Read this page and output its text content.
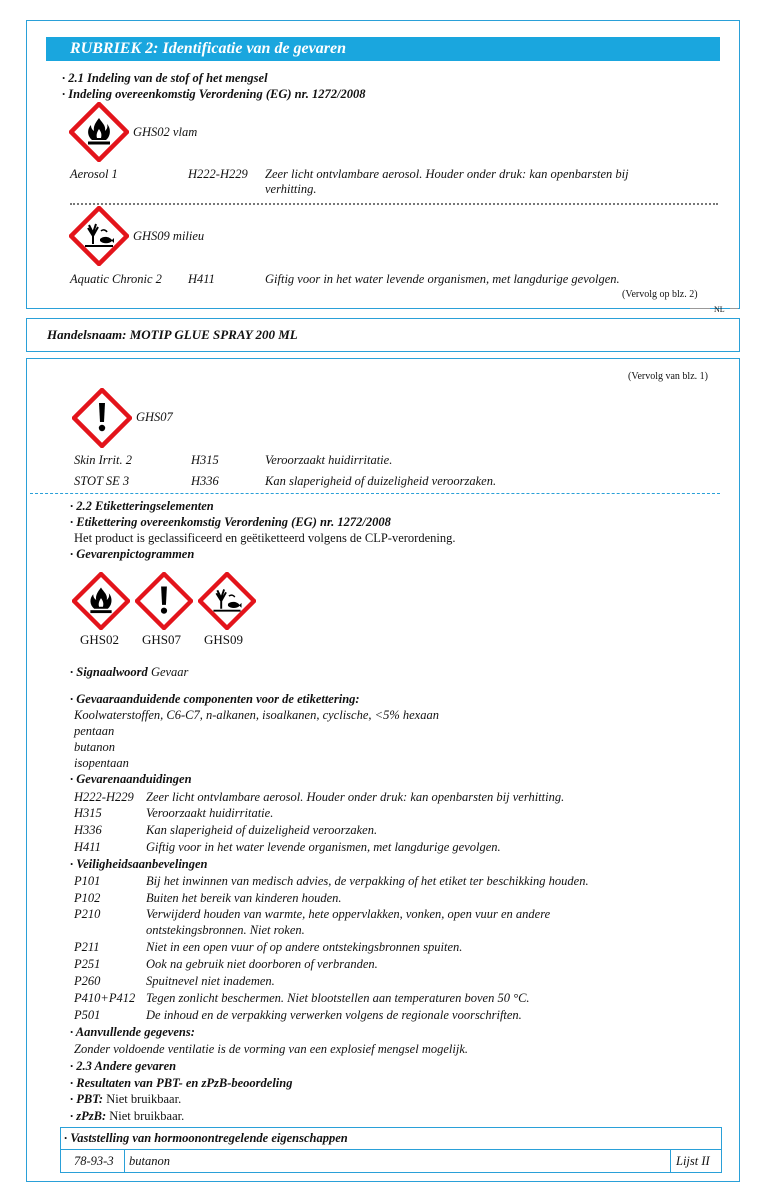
RUBRIEK 2: Identificatie van de gevaren
· 2.1 Indeling van de stof of het mengsel
· Indeling overeenkomstig Verordening (EG) nr. 1272/2008
GHS02 vlam
Aerosol 1	H222-H229 Zeer licht ontvlambare aerosol. Houder onder druk: kan openbarsten bij
verhitting.
GHS09 milieu
Aquatic Chronic 2 H411	Giftig voor in het water levende organismen, met langdurige gevolgen.
(Vervolg op blz. 2)
NL
Handelsnaam: MOTIP GLUE SPRAY 200 ML
(Vervolg van blz. 1)
GHS07
Skin Irrit. 2	H315	Veroorzaakt huidirritatie.
STOT SE 3	H336	Kan slaperigheid of duizeligheid veroorzaken.
· 2.2 Etiketteringselementen
· Etikettering overeenkomstig Verordening (EG) nr. 1272/2008
Het product is geclassificeerd en geëtiketteerd volgens de CLP-verordening.
· Gevarenpictogrammen
GHS02 GHS07 GHS09
· Signaalwoord Gevaar
· Gevaaraanduidende componenten voor de etikettering:
Koolwaterstoffen, C6-C7, n-alkanen, isoalkanen, cyclische, <5% hexaan
pentaan
butanon
isopentaan
· Gevarenaanduidingen
H222-H229 Zeer licht ontvlambare aerosol. Houder onder druk: kan openbarsten bij verhitting.
H315	Veroorzaakt huidirritatie.
H336	Kan slaperigheid of duizeligheid veroorzaken.
H411	Giftig voor in het water levende organismen, met langdurige gevolgen.
· Veiligheidsaanbevelingen
P101	Bij het inwinnen van medisch advies, de verpakking of het etiket ter beschikking houden.
P102	Buiten het bereik van kinderen houden.
P210	Verwijderd houden van warmte, hete oppervlakken, vonken, open vuur en andere
ontstekingsbronnen. Niet roken.
P211	Niet in een open vuur of op andere ontstekingsbronnen spuiten.
P251	Ook na gebruik niet doorboren of verbranden.
P260	Spuitnevel niet inademen.
P410+P412 Tegen zonlicht beschermen. Niet blootstellen aan temperaturen boven 50 °C.
P501	De inhoud en de verpakking verwerken volgens de regionale voorschriften.
· Aanvullende gegevens:
Zonder voldoende ventilatie is de vorming van een explosief mengsel mogelijk.
· 2.3 Andere gevaren
· Resultaten van PBT- en zPzB-beoordeling
· PBT: Niet bruikbaar.
· zPzB: Niet bruikbaar.
· Vaststelling van hormoonontregelende eigenschappen
78-93-3 butanon	Lijst II
